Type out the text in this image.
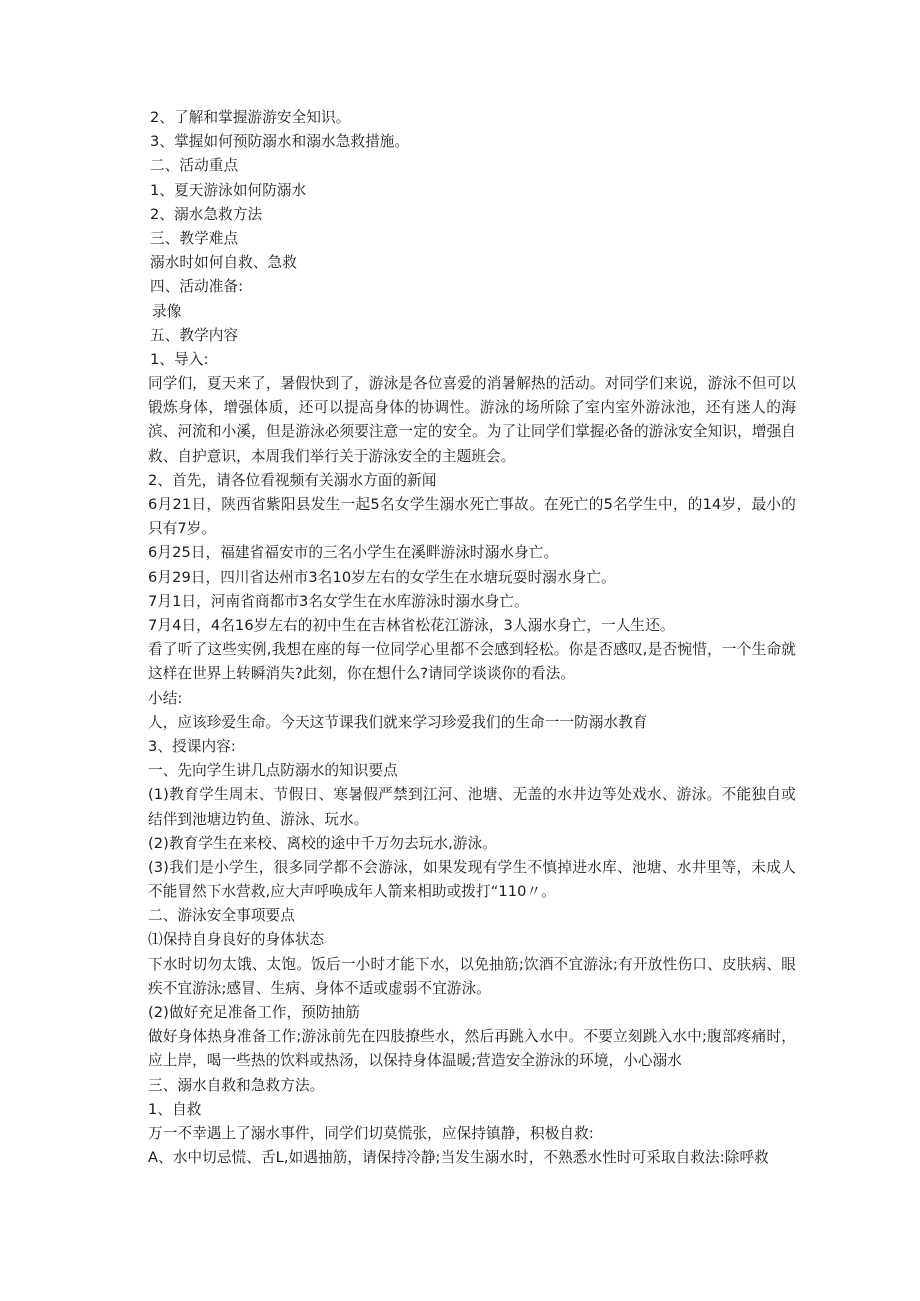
2、了解和掌握游游安全知识。
3、掌握如何预防溺水和溺水急救措施。
二、活动重点
1、夏天游泳如何防溺水
2、溺水急救方法
三、教学难点
溺水时如何自救、急救
四、活动准备:
录像
五、教学内容
1、导入:
同学们，夏天来了，暑假快到了，游泳是各位喜爱的消暑解热的活动。对同学们来说，游泳不但可以锻炼身体，增强体质，还可以提高身体的协调性。游泳的场所除了室内室外游泳池，还有迷人的海滨、河流和小溪，但是游泳必须要注意一定的安全。为了让同学们掌握必备的游泳安全知识，增强自救、自护意识，本周我们举行关于游泳安全的主题班会。
2、首先，请各位看视频有关溺水方面的新闻
6月21日，陕西省紫阳县发生一起5名女学生溺水死亡事故。在死亡的5名学生中，的14岁，最小的只有7岁。
6月25日，福建省福安市的三名小学生在溪畔游泳时溺水身亡。
6月29日，四川省达州市3名10岁左右的女学生在水塘玩耍时溺水身亡。
7月1日，河南省商都市3名女学生在水库游泳时溺水身亡。
7月4日，4名16岁左右的初中生在吉林省松花江游泳，3人溺水身亡，一人生还。
看了听了这些实例,我想在座的每一位同学心里都不会感到轻松。你是否感叹,是否惋惜，一个生命就这样在世界上转瞬消失?此刻，你在想什么?请同学谈谈你的看法。
小结:
人，应该珍爱生命。今天这节课我们就来学习珍爱我们的生命一一防溺水教育
3、授课内容:
一、先向学生讲几点防溺水的知识要点
(1)教育学生周末、节假日、寒暑假严禁到江河、池塘、无盖的水井边等处戏水、游泳。不能独自或结伴到池塘边钓鱼、游泳、玩水。
(2)教育学生在来校、离校的途中千万勿去玩水,游泳。
(3)我们是小学生，很多同学都不会游泳，如果发现有学生不慎掉进水库、池塘、水井里等，未成人不能冒然下水营救,应大声呼唤成年人箭来相助或拨打“110〃。
二、游泳安全事项要点
⑴保持自身良好的身体状态
下水时切勿太饿、太饱。饭后一小时才能下水，以免抽筋;饮酒不宜游泳;有开放性伤口、皮肤病、眼疾不宜游泳;感冒、生病、身体不适或虚弱不宜游泳。
(2)做好充足准备工作，预防抽筋
做好身体热身准备工作;游泳前先在四肢撩些水，然后再跳入水中。不要立刻跳入水中;腹部疼痛时，应上岸，喝一些热的饮料或热汤，以保持身体温暖;营造安全游泳的环境，小心溺水
三、溺水自救和急救方法。
1、自救
万一不幸遇上了溺水事件，同学们切莫慌张，应保持镇静，积极自救:
A、水中切忌慌、舌L,如遇抽筋，请保持冷静;当发生溺水时，不熟悉水性时可采取自救法:除呼救
